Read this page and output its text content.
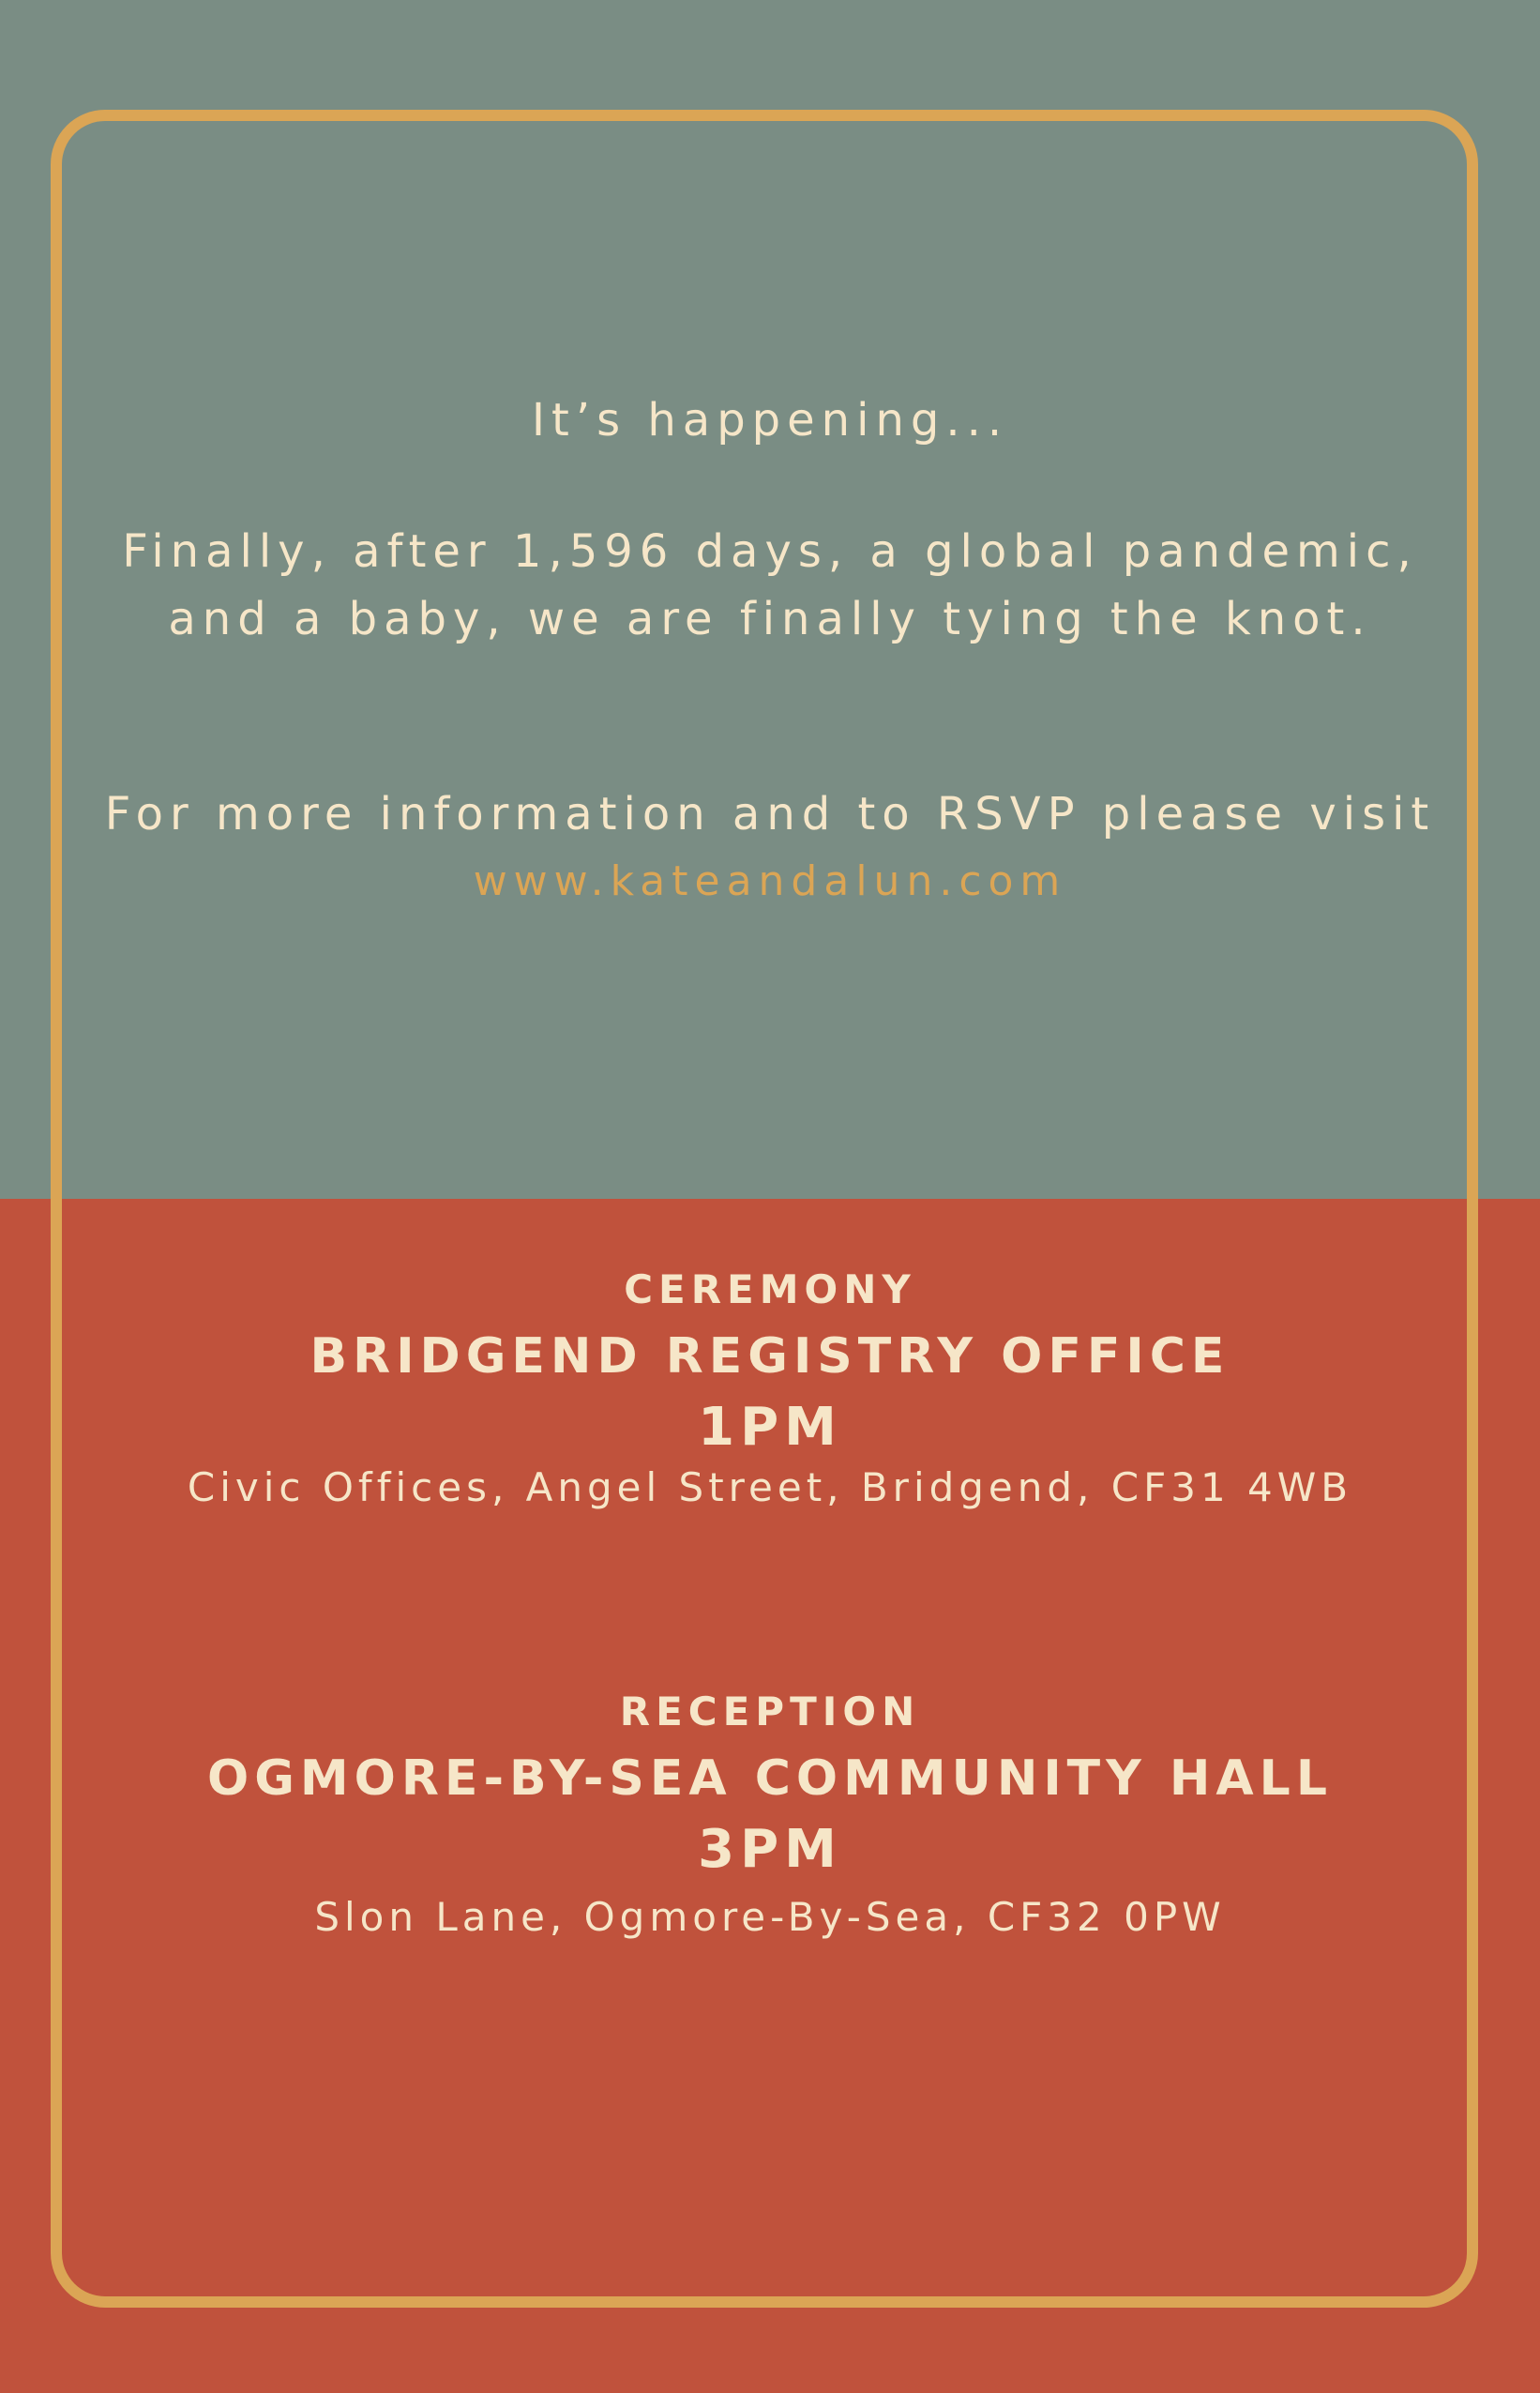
It’s happening...
Finally, after 1,596 days, a global pandemic,
and a baby, we are finally tying the knot.
For more information and to RSVP please visit
www.kateandalun.com
CEREMONY
BRIDGEND REGISTRY OFFICE
1PM
Civic Offices, Angel Street, Bridgend, CF31 4WB
RECEPTION
OGMORE-BY-SEA COMMUNITY HALL
3PM
Slon Lane, Ogmore-By-Sea, CF32 0PW
